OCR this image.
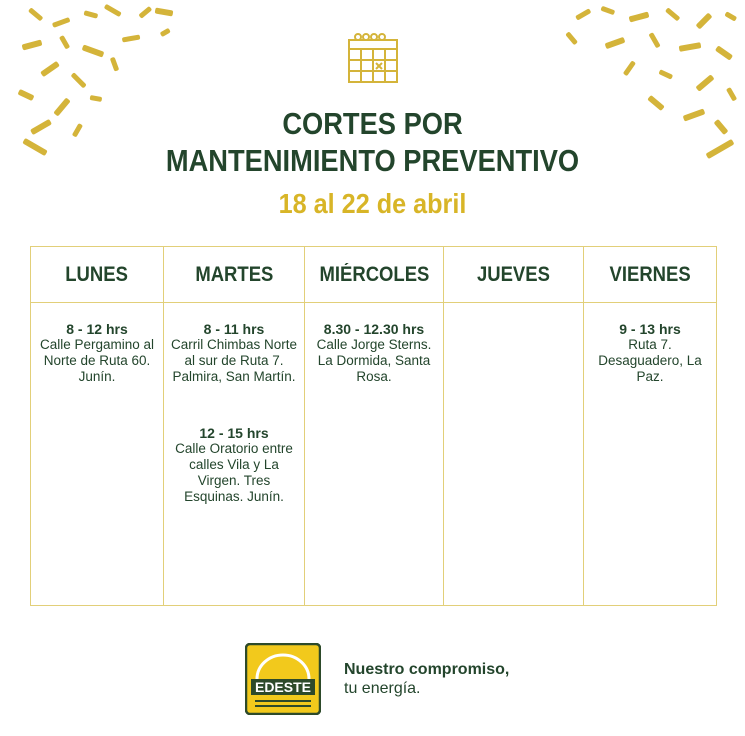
CORTES POR
MANTENIMIENTO PREVENTIVO
18 al 22 de abril
LUNES
8 - 12 hrs
Calle Pergamino al Norte de Ruta 60. Junín.
MARTES
8 - 11 hrs
Carril Chimbas Norte al sur de Ruta 7. Palmira, San Martín.
12 - 15 hrs
Calle Oratorio entre calles Vila y La Virgen. Tres Esquinas. Junín.
MIÉRCOLES
8.30 - 12.30 hrs
Calle Jorge Sterns. La Dormida, Santa Rosa.
JUEVES	VIERNES
9 - 13 hrs
Ruta 7. Desaguadero, La Paz.
EDESTE
Nuestro compromiso,
tu energía.
